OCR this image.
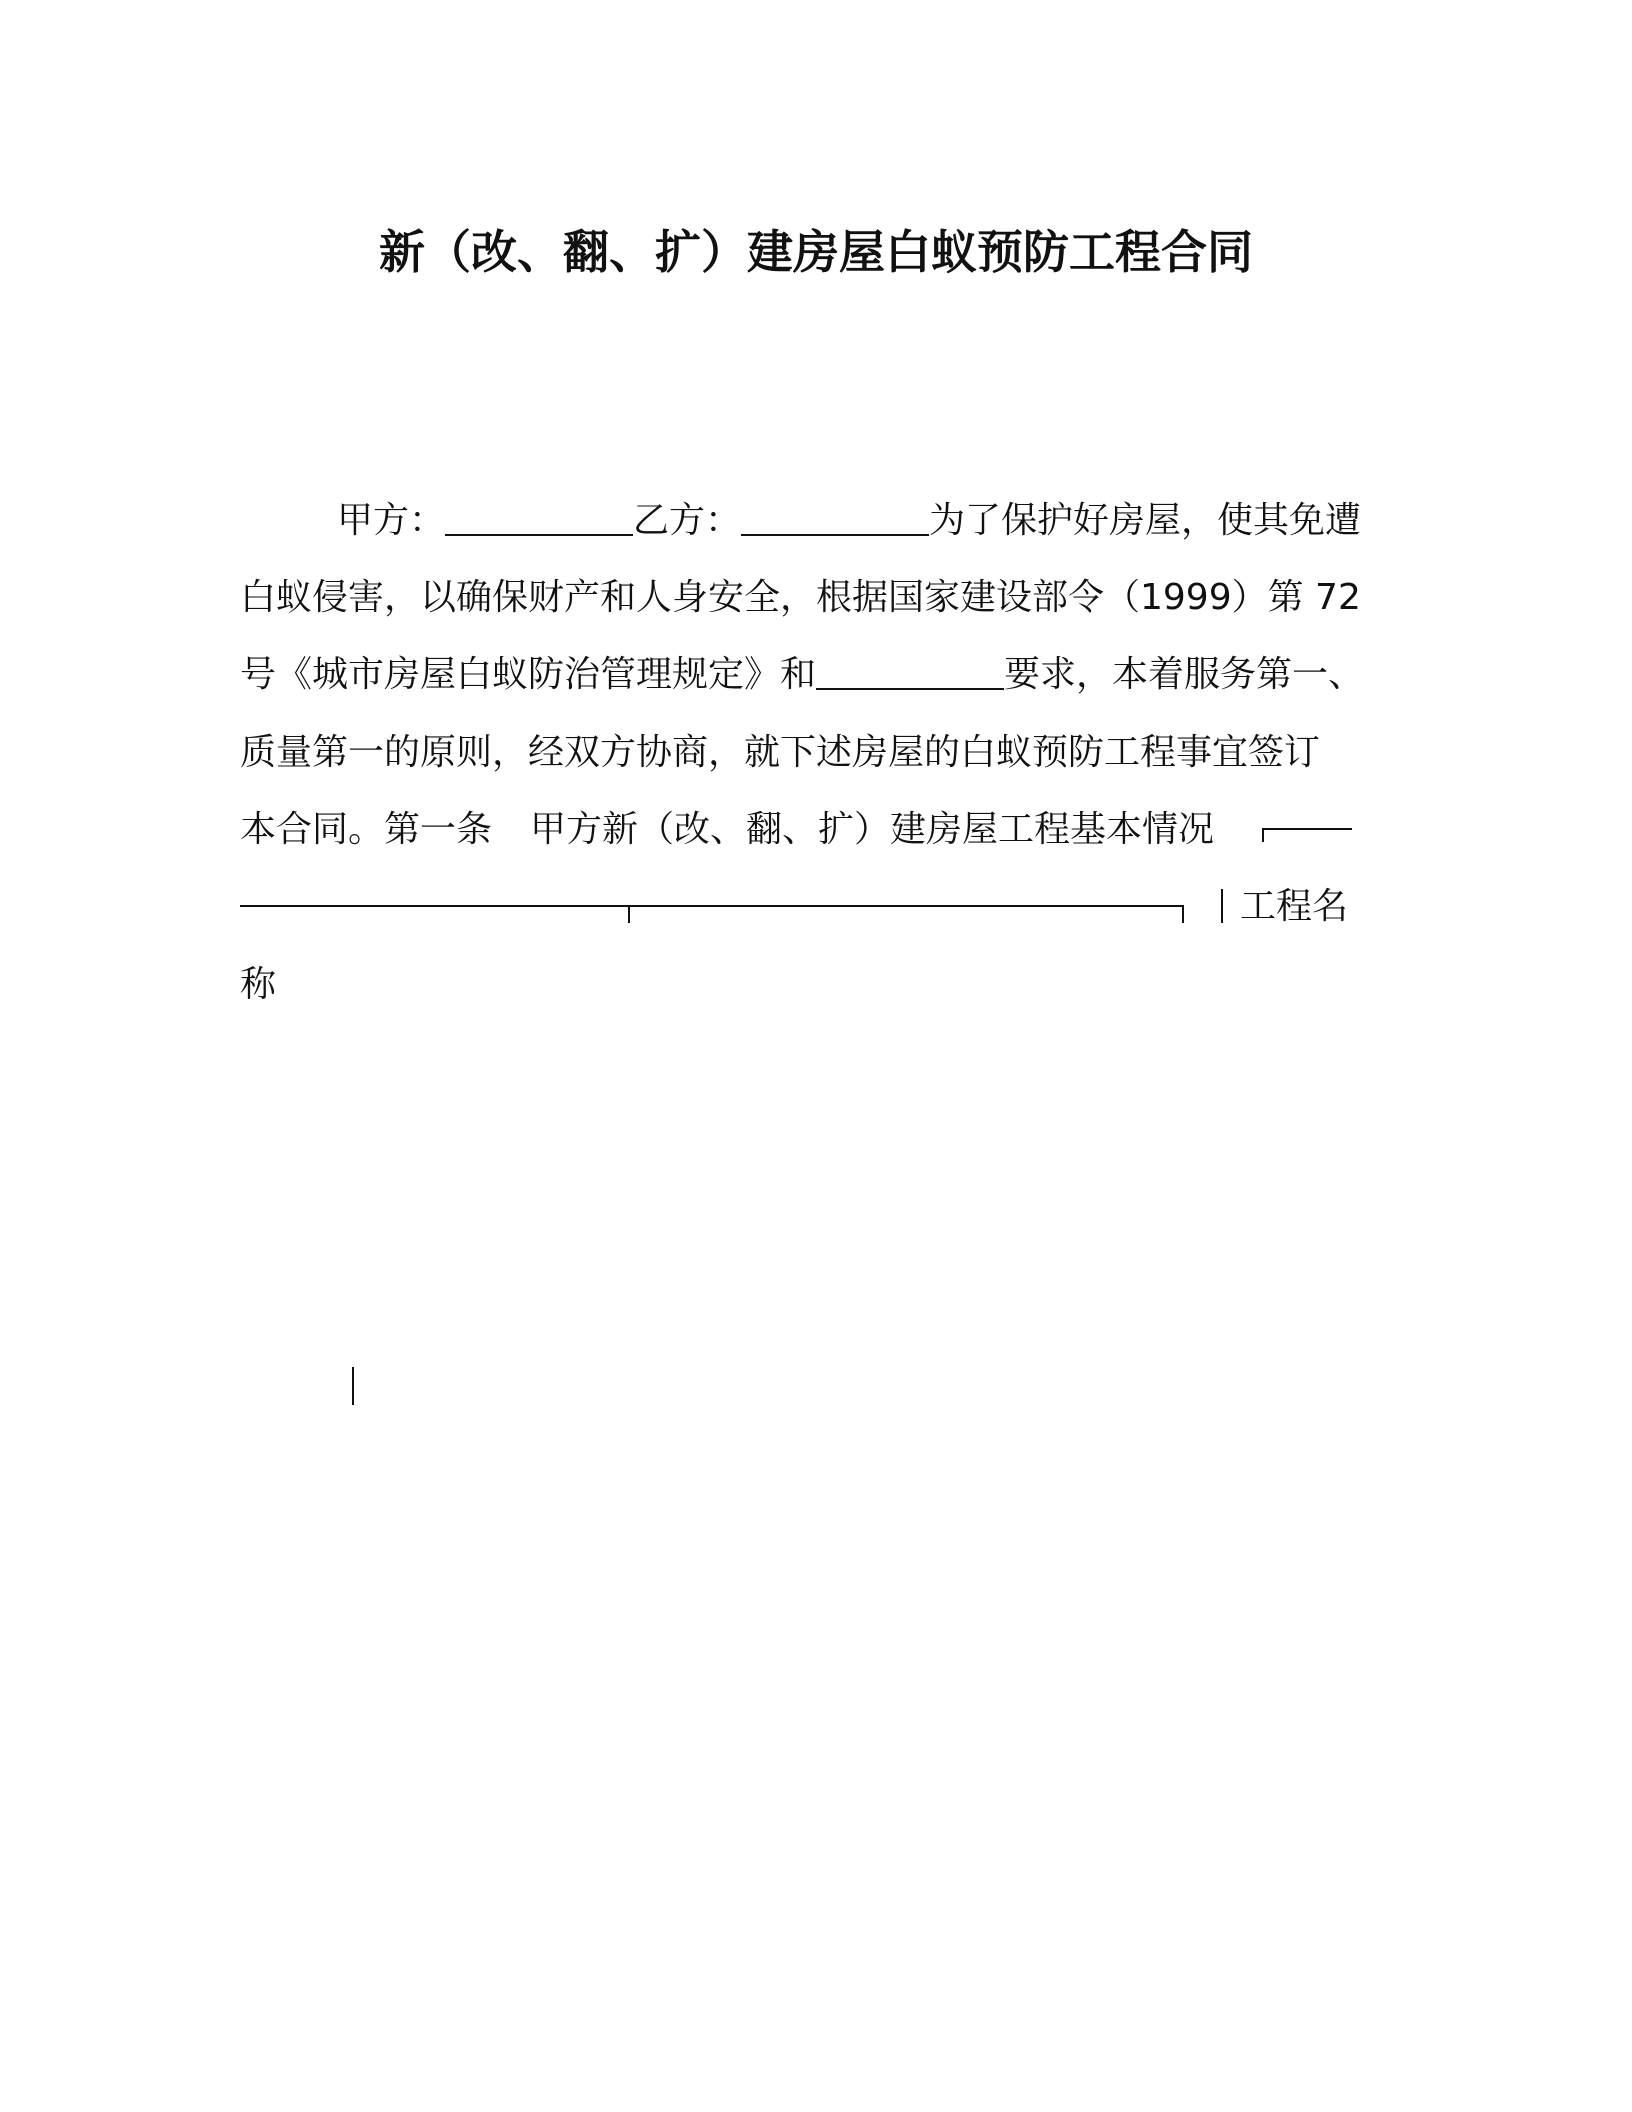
新（改、翻、扩）建房屋白蚁预防工程合同
甲方：	乙方：	为了保护好房屋，使其免遭
白蚁侵害，以确保财产和人身安全，根据国家建设部令（1999）第 72
号《城市房屋白蚁防治管理规定》和	要求，本着服务第一、
质量第一的原则，经双方协商，就下述房屋的白蚁预防工程事宜签订
本合同。第一条 甲方新（改、翻、扩）建房屋工程基本情况
工程名
称
